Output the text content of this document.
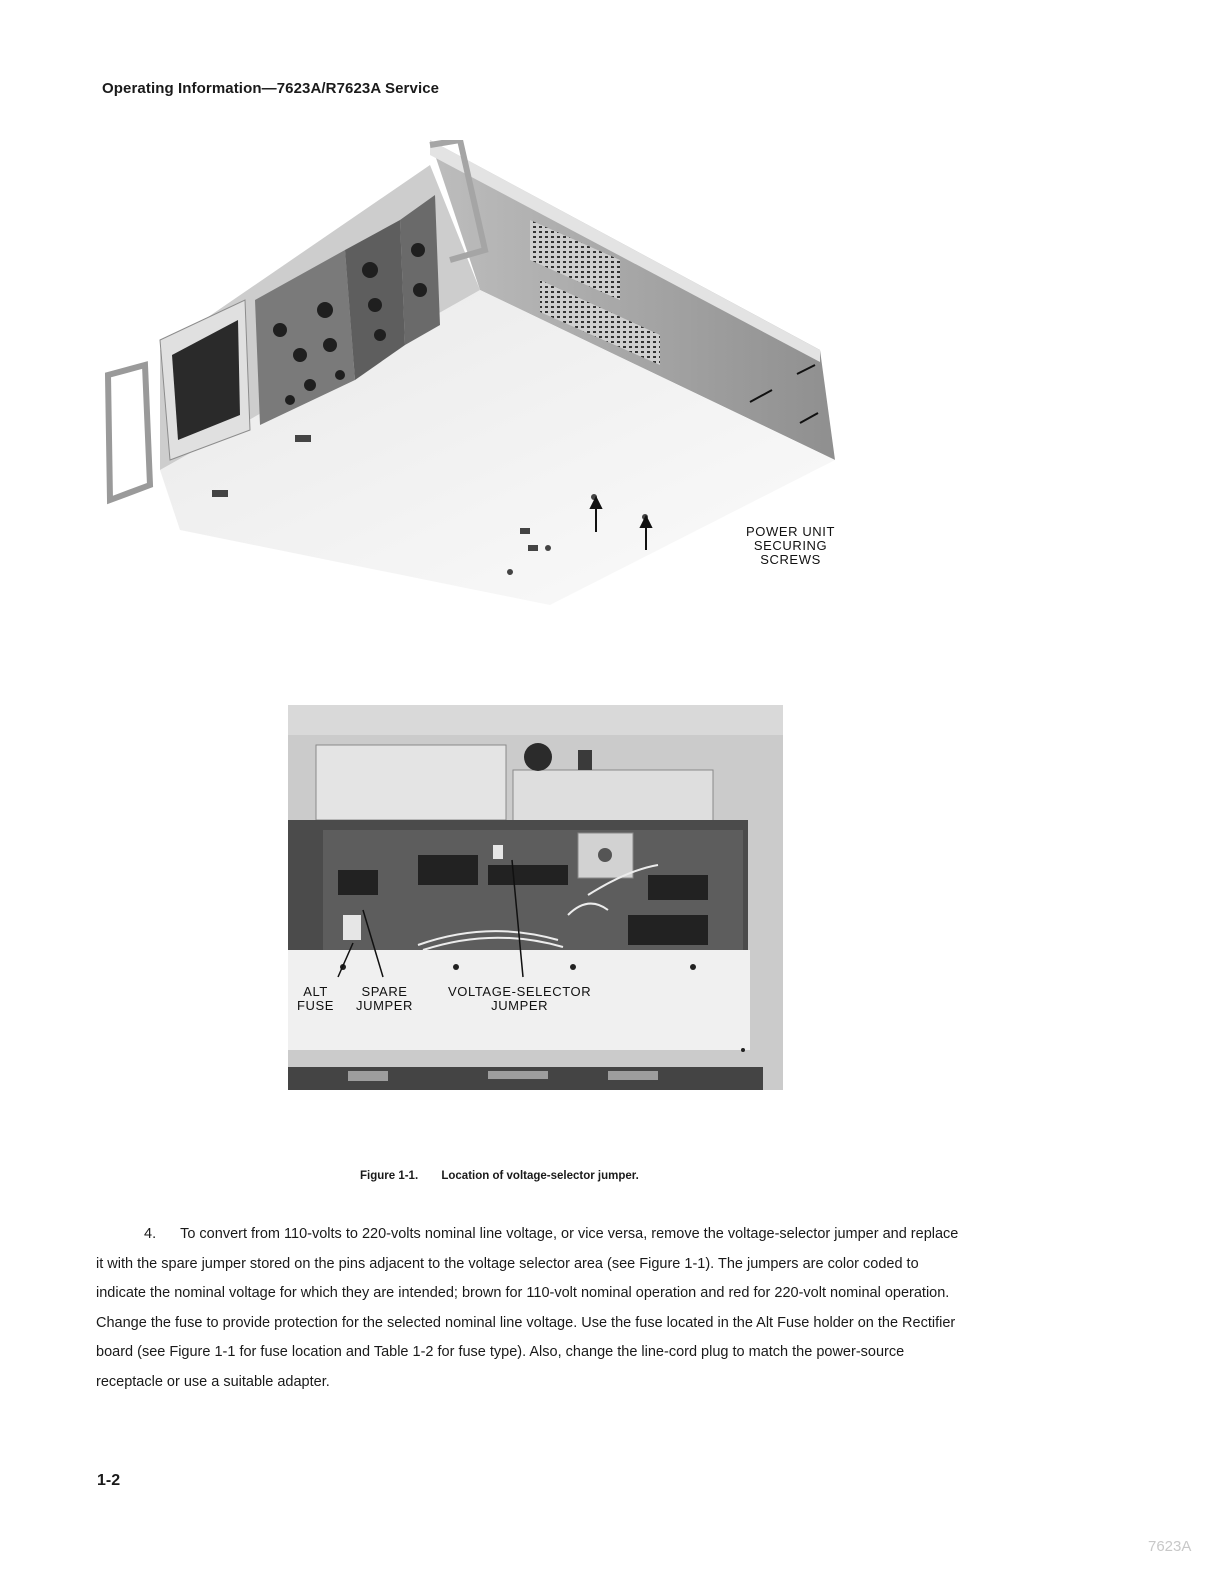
Operating Information—7623A/R7623A Service
POWER UNIT
SECURING
SCREWS
ALT
FUSE
SPARE
JUMPER
VOLTAGE-SELECTOR
JUMPER
Figure 1-1. Location of voltage-selector jumper.
4. To convert from 110-volts to 220-volts nominal line voltage, or vice versa, remove the voltage-selector jumper and replace it with the spare jumper stored on the pins adjacent to the voltage selector area (see Figure 1-1). The jumpers are color coded to indicate the nominal voltage for which they are intended; brown for 110-volt nominal operation and red for 220-volt nominal operation. Change the fuse to provide protection for the selected nominal line voltage. Use the fuse located in the Alt Fuse holder on the Rectifier board (see Figure 1-1 for fuse location and Table 1-2 for fuse type). Also, change the line-cord plug to match the power-source receptacle or use a suitable adapter.
1-2
7623A
